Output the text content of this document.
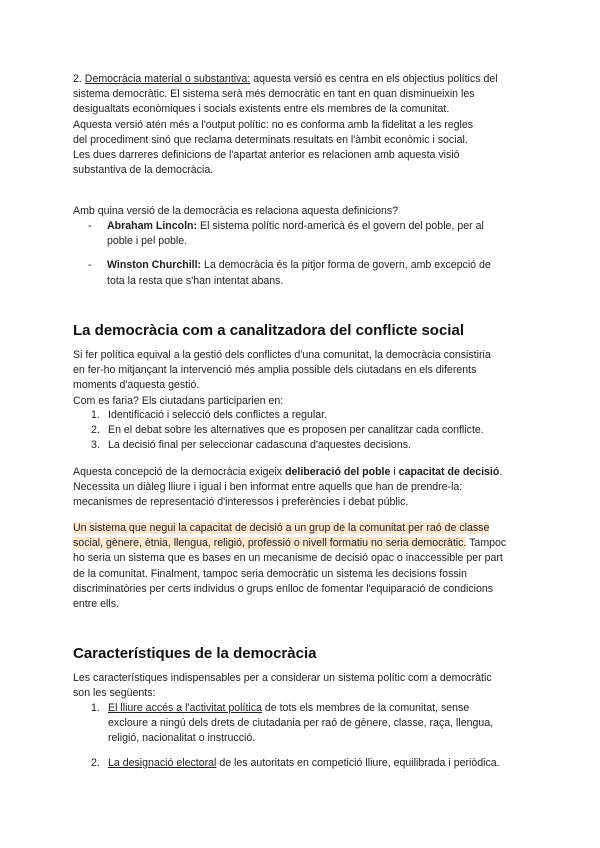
2. Democràcia material o substantiva: aquesta versió es centra en els objectius polítics del
sistema democràtic. El sistema serà més democràtic en tant en quan disminueixin les
desigualtats econòmiques i socials existents entre els membres de la comunitat.
Aquesta versió atén més a l'output polític: no es conforma amb la fidelitat a les regles
del procediment sinó que reclama determinats resultats en l'àmbit econòmic i social.
Les dues darreres definicions de l'apartat anterior es relacionen amb aquesta visió
substantiva de la democràcia.
Amb quina versió de la democràcia es relaciona aquesta definicions?
- Abraham Lincoln: El sistema polític nord-americà és el govern del poble, per al
poble i pel poble.
- Winston Churchill: La democràcia és la pitjor forma de govern, amb excepció de
tota la resta que s'han intentat abans.
La democràcia com a canalitzadora del conflicte social
Si fer política equival a la gestió dels conflictes d'una comunitat, la democràcia consistiria
en fer-ho mitjançant la intervenció més amplia possible dels ciutadans en els diferents
moments d'aquesta gestió.
Com es faria? Els ciutadans participarien en:
1. Identificació i selecció dels conflictes a regular.
2. En el debat sobre les alternatives que es proposen per canalitzar cada conflicte.
3. La decisió final per seleccionar cadascuna d'aquestes decisions.
Aquesta concepció de la democràcia exigeix deliberació del poble i capacitat de decisió.
Necessita un diàleg lliure i igual i ben informat entre aquells que han de prendre-la:
mecanismes de representació d'interessos i preferències i debat públic.
Un sistema que negui la capacitat de decisió a un grup de la comunitat per raó de classe
social, gènere, ètnia, llengua, religió, professió o nivell formatiu no seria democràtic. Tampoc
ho seria un sistema que es bases en un mecanisme de decisió opac o inaccessible per part
de la comunitat. Finalment, tampoc seria democràtic un sistema les decisions fossin
discriminatòries per certs individus o grups enlloc de fomentar l'equiparació de condicions
entre ells.
Característiques de la democràcia
Les característiques indispensables per a considerar un sistema polític com a democràtic
son les següents:
1. El lliure accés a l'activitat política de tots els membres de la comunitat, sense
excloure a ningú dels drets de ciutadania per raó de gènere, classe, raça, llengua,
religió, nacionalitat o instrucció.
2. La designació electoral de les autoritats en competició lliure, equilibrada i periòdica.
